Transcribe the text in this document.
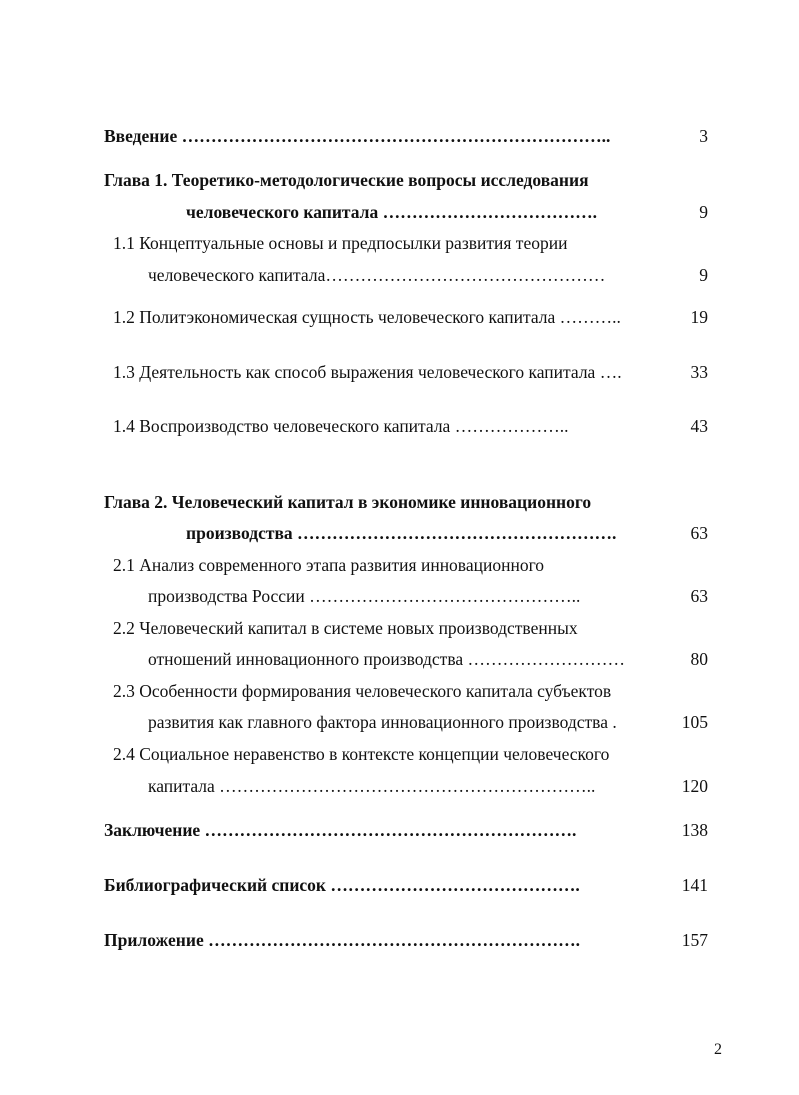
Введение ………………………………………………………………..	3

Глава 1. Теоретико-методологические вопросы исследования

человеческого капитала ……………………………….	9

1.1 Концептуальные основы и предпосылки развития теории

человеческого капитала…………………………………………	9

1.2 Политэкономическая сущность человеческого капитала ………..	19

1.3 Деятельность как способ выражения человеческого капитала ….	33

1.4 Воспроизводство человеческого капитала ………………..	43

Глава 2. Человеческий капитал в экономике инновационного

производства ……………………………………………….	63

2.1 Анализ современного этапа развития инновационного

производства России ………………………………………..	63

2.2 Человеческий капитал в системе новых производственных

отношений инновационного производства ………………………	80

2.3 Особенности формирования человеческого капитала субъектов

развития как главного фактора инновационного производства .	105

2.4 Социальное неравенство в контексте концепции человеческого

капитала ………………………………………………………..	120

Заключение ……………………………………………………….	138

Библиографический список …………………………………….	141

Приложение ……………………………………………………….	157
2
